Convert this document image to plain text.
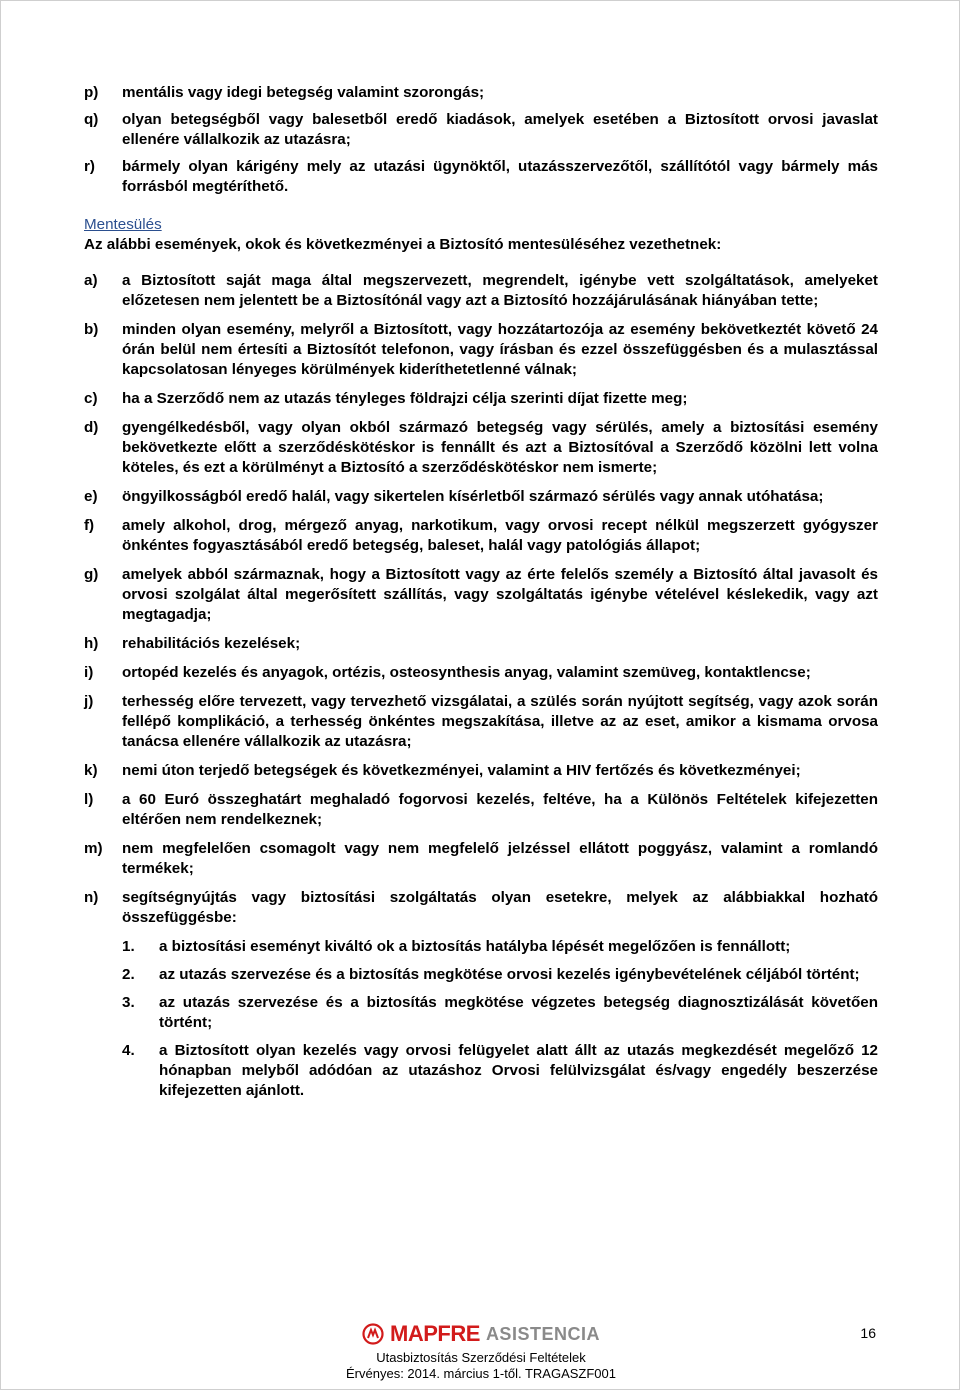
p)	mentális vagy idegi betegség valamint szorongás;
q)	olyan betegségből vagy balesetből eredő kiadások, amelyek esetében a Biztosított orvosi javaslat ellenére vállalkozik az utazásra;
r)	bármely olyan kárigény mely az utazási ügynöktől, utazásszervezőtől, szállítótól vagy bármely más forrásból megtéríthető.
Mentesülés
Az alábbi események, okok és következményei a Biztosító mentesüléséhez vezethetnek:
a)	a Biztosított saját maga által megszervezett, megrendelt, igénybe vett szolgáltatások, amelyeket előzetesen nem jelentett be a Biztosítónál vagy azt a Biztosító hozzájárulásának hiányában tette;
b)	minden olyan esemény, melyről a Biztosított, vagy hozzátartozója az esemény bekövetkeztét követő 24 órán belül nem értesíti a Biztosítót telefonon, vagy írásban és ezzel összefüggésben és a mulasztással kapcsolatosan lényeges körülmények kideríthetetlenné válnak;
c)	ha a Szerződő nem az utazás tényleges földrajzi célja szerinti díjat fizette meg;
d)	gyengélkedésből, vagy olyan okból származó betegség vagy sérülés, amely a biztosítási esemény bekövetkezte előtt a szerződéskötéskor is fennállt és azt a Biztosítóval a Szerződő közölni lett volna köteles, és ezt a körülményt a Biztosító a szerződéskötéskor nem ismerte;
e)	öngyilkosságból eredő halál, vagy sikertelen kísérletből származó sérülés vagy annak utóhatása;
f)	amely alkohol, drog, mérgező anyag, narkotikum, vagy orvosi recept nélkül megszerzett gyógyszer önkéntes fogyasztásából eredő betegség, baleset, halál vagy patológiás állapot;
g)	amelyek abból származnak, hogy a Biztosított vagy az érte felelős személy a Biztosító által javasolt és orvosi szolgálat által megerősített szállítás, vagy szolgáltatás igénybe vételével késlekedik, vagy azt megtagadja;
h)	rehabilitációs kezelések;
i)	ortopéd kezelés és anyagok, ortézis, osteosynthesis anyag, valamint szemüveg, kontaktlencse;
j)	terhesség előre tervezett, vagy tervezhető vizsgálatai, a szülés során nyújtott segítség, vagy azok során fellépő komplikáció, a terhesség önkéntes megszakítása, illetve az az eset, amikor a kismama orvosa tanácsa ellenére vállalkozik az utazásra;
k)	nemi úton terjedő betegségek és következményei, valamint a HIV fertőzés és következményei;
l)	a 60 Euró összeghatárt meghaladó fogorvosi kezelés, feltéve, ha a Különös Feltételek kifejezetten eltérően nem rendelkeznek;
m)	nem megfelelően csomagolt vagy nem megfelelő jelzéssel ellátott poggyász, valamint a romlandó termékek;
n)	segítségnyújtás vagy biztosítási szolgáltatás olyan esetekre, melyek az alábbiakkal hozható összefüggésbe:
1.	a biztosítási eseményt kiváltó ok a biztosítás hatályba lépését megelőzően is fennállott;
2.	az utazás szervezése és a biztosítás megkötése orvosi kezelés igénybevételének céljából történt;
3.	az utazás szervezése és a biztosítás megkötése végzetes betegség diagnosztizálását követően történt;
4.	a Biztosított olyan kezelés vagy orvosi felügyelet alatt állt az utazás megkezdését megelőző 12 hónapban melyből adódóan az utazáshoz Orvosi felülvizsgálat és/vagy engedély beszerzése kifejezetten ajánlott.
MAPFRE ASISTENCIA
Utasbiztosítás Szerződési Feltételek
Érvényes: 2014. március 1-től. TRAGASZF001
16
